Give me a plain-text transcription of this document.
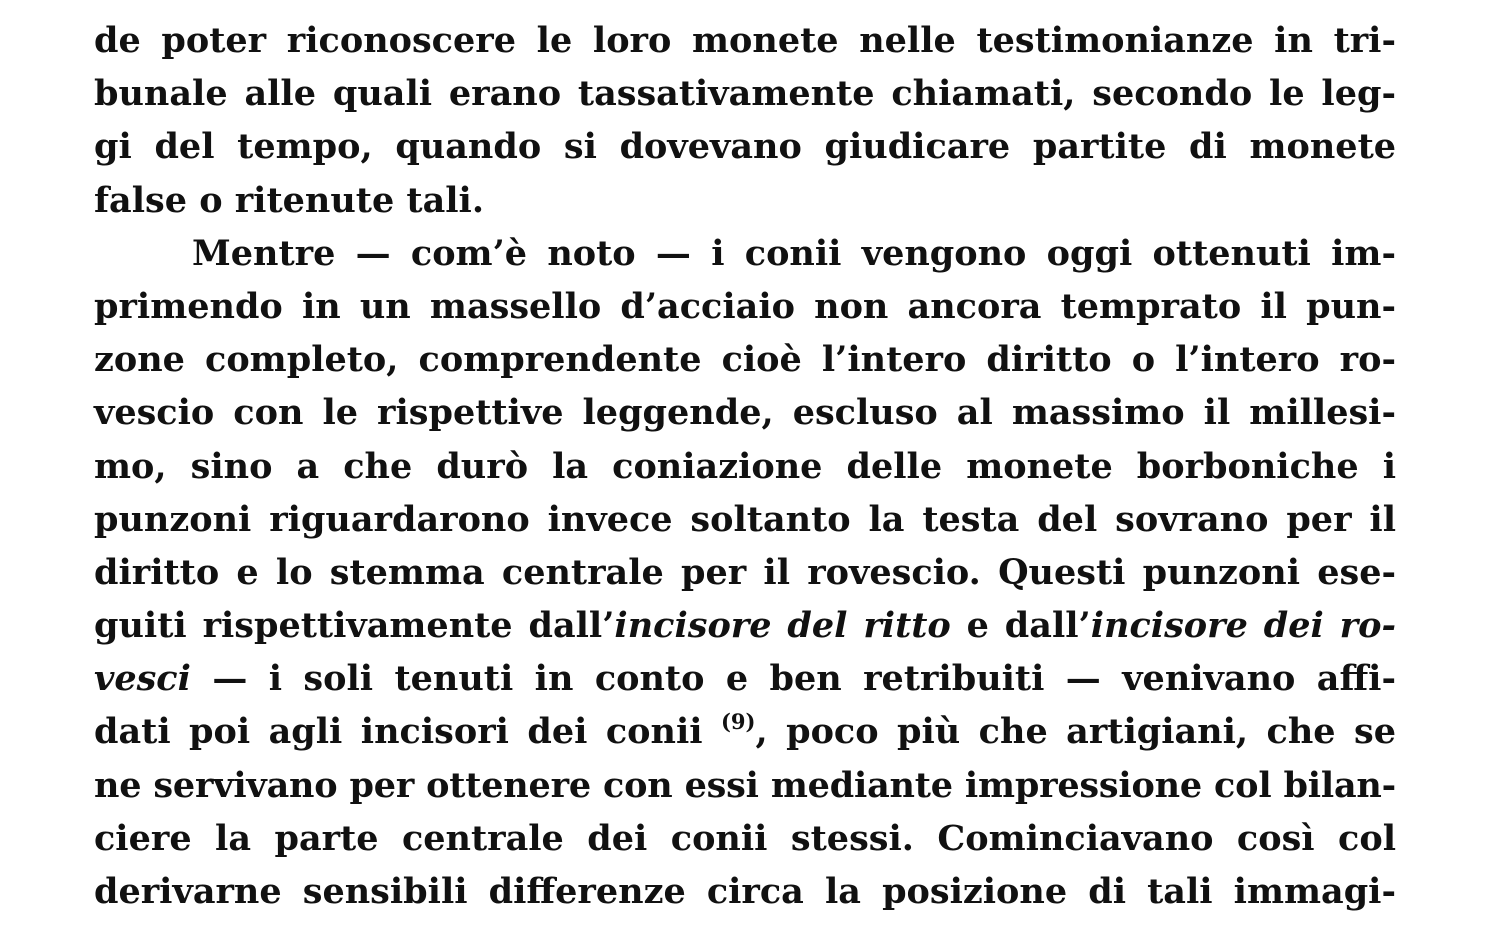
de poter riconoscere le loro monete nelle testimonianze in tri-
bunale alle quali erano tassativamente chiamati, secondo le leg-
gi del tempo, quando si dovevano giudicare partite di monete
false o ritenute tali.
Mentre — com’è noto — i conii vengono oggi ottenuti im-
primendo in un massello d’acciaio non ancora temprato il pun-
zone completo, comprendente cioè l’intero diritto o l’intero ro-
vescio con le rispettive leggende, escluso al massimo il millesi-
mo, sino a che durò la coniazione delle monete borboniche i
punzoni riguardarono invece soltanto la testa del sovrano per il
diritto e lo stemma centrale per il rovescio. Questi punzoni ese-
guiti rispettivamente dall’incisore del ritto e dall’incisore dei ro-
vesci — i soli tenuti in conto e ben retribuiti — venivano affi-
dati poi agli incisori dei conii $^{(9)}$, poco più che artigiani, che se
ne servivano per ottenere con essi mediante impressione col bilan-
ciere la parte centrale dei conii stessi. Cominciavano così col
derivarne sensibili differenze circa la posizione di tali immagi-
